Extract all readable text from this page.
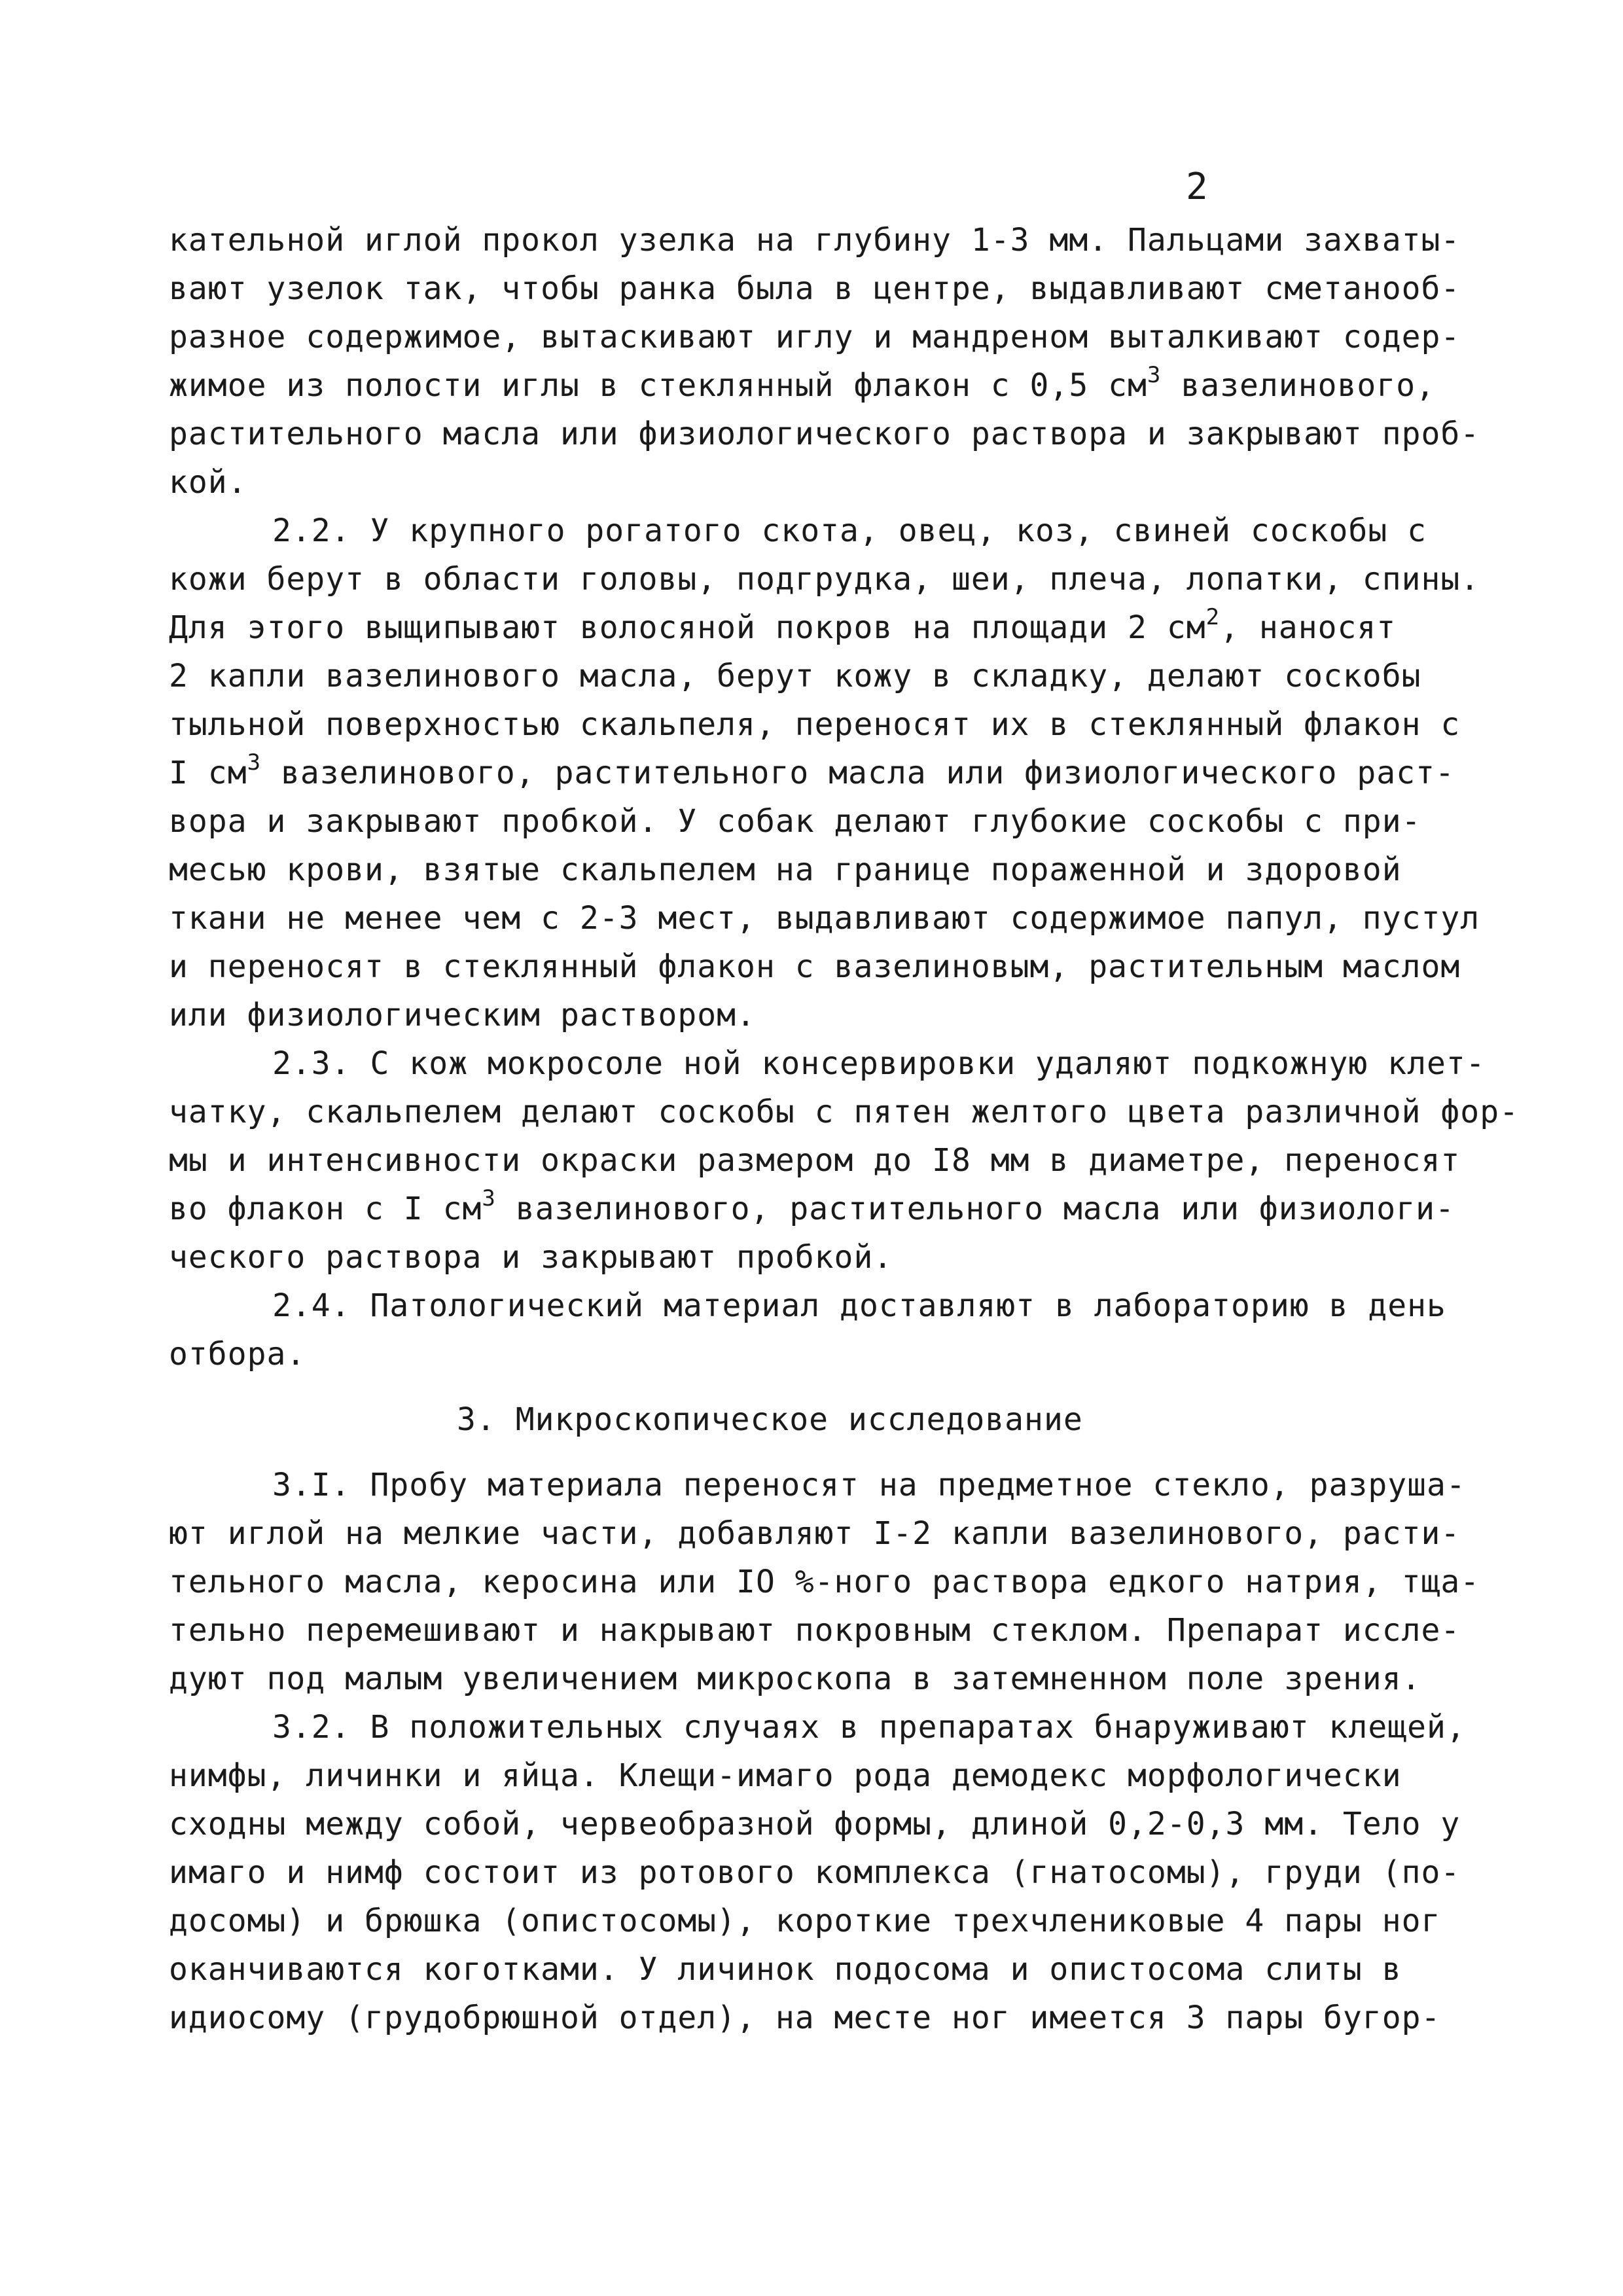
2
кательной иглой прокол узелка на глубину 1-3 мм. Пальцами захваты-
вают узелок так, чтобы ранка была в центре, выдавливают сметанооб-
разное содержимое, вытаскивают иглу и мандреном выталкивают содер-
жимое из полости иглы в стеклянный флакон с 0,5 $см^3$ вазелинового,
растительного масла или физиологического раствора и закрывают проб-
кой.
2.2. У крупного рогатого скота, овец, коз, свиней соскобы с
кожи берут в области головы, подгрудка, шеи, плеча, лопатки, спины.
Для этого выщипывают волосяной покров на площади 2 $см^2$, наносят
2 капли вазелинового масла, берут кожу в складку, делают соскобы
тыльной поверхностью скальпеля, переносят их в стеклянный флакон с
I $см^3$ вазелинового, растительного масла или физиологического раст-
вора и закрывают пробкой. У собак делают глубокие соскобы с при-
месью крови, взятые скальпелем на границе пораженной и здоровой
ткани не менее чем с 2-3 мест, выдавливают содержимое папул, пустул
и переносят в стеклянный флакон с вазелиновым, растительным маслом
или физиологическим раствором.
2.3. С кож мокросоле ной консервировки удаляют подкожную клет-
чатку, скальпелем делают соскобы с пятен желтого цвета различной фор-
мы и интенсивности окраски размером до I8 мм в диаметре, переносят
во флакон с I $см^3$ вазелинового, растительного масла или физиологи-
ческого раствора и закрывают пробкой.
2.4. Патологический материал доставляют в лабораторию в день
отбора.
3. Микроскопическое исследование
3.I. Пробу материала переносят на предметное стекло, разруша-
ют иглой на мелкие части, добавляют I-2 капли вазелинового, расти-
тельного масла, керосина или IO %-ного раствора едкого натрия, тща-
тельно перемешивают и накрывают покровным стеклом. Препарат иссле-
дуют под малым увеличением микроскопа в затемненном поле зрения.
3.2. В положительных случаях в препаратах бнаруживают клещей,
нимфы, личинки и яйца. Клещи-имаго рода демодекс морфологически
сходны между собой, червеобразной формы, длиной 0,2-0,3 мм. Тело у
имаго и нимф состоит из ротового комплекса (гнатосомы), груди (по-
досомы) и брюшка (опистосомы), короткие трехчлениковые 4 пары ног
оканчиваются коготками. У личинок подосома и опистосома слиты в
идиосому (грудобрюшной отдел), на месте ног имеется 3 пары бугор-
